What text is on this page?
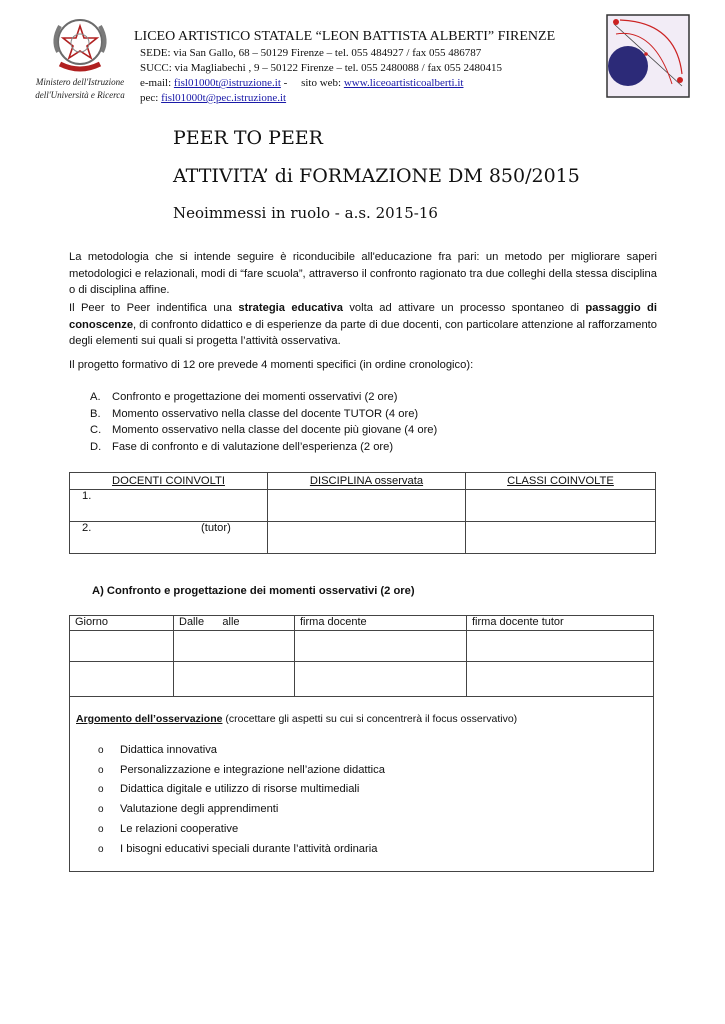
Ministero dell'Istruzione
dell'Università e Ricerca
LICEO ARTISTICO STATALE “LEON BATTISTA ALBERTI” FIRENZE
SEDE: via San Gallo, 68 – 50129 Firenze – tel. 055 484927 / fax 055 486787
SUCC: via Magliabechi , 9 – 50122 Firenze – tel. 055 2480088 / fax 055 2480415
e-mail: fisl01000t@istruzione.it - sito web: www.liceoartisticoalberti.it
pec: fisl01000t@pec.istruzione.it
PEER TO PEER
ATTIVITA’ di FORMAZIONE DM 850/2015
Neoimmessi in ruolo - a.s. 2015-16
La metodologia che si intende seguire è riconducibile all'educazione fra pari: un metodo per migliorare saperi metodologici e relazionali, modi di “fare scuola”, attraverso il confronto ragionato tra due colleghi della stessa disciplina o di disciplina affine.
Il Peer to Peer indentifica una strategia educativa volta ad attivare un processo spontaneo di passaggio di conoscenze, di confronto didattico e di esperienze da parte di due docenti, con particolare attenzione al rafforzamento degli elementi sui quali si progetta l’attività osservativa.
Il progetto formativo di 12 ore prevede 4 momenti specifici (in ordine cronologico):
A. Confronto e progettazione dei momenti osservativi (2 ore)
B. Momento osservativo nella classe del docente TUTOR (4 ore)
C. Momento osservativo nella classe del docente più giovane (4 ore)
D. Fase di confronto e di valutazione dell’esperienza (2 ore)
DOCENTI COINVOLTI	DISCIPLINA osservata	CLASSI COINVOLTE
1.		
2. (tutor)		

A) Confronto e progettazione dei momenti osservativi (2 ore)
Giorno	Dalle alle	firma docente	firma docente tutor

Argomento dell’osservazione (crocettare gli aspetti su cui si concentrerà il focus osservativo)
o Didattica innovativa
o Personalizzazione e integrazione nell’azione didattica
o Didattica digitale e utilizzo di risorse multimediali
o Valutazione degli apprendimenti
o Le relazioni cooperative
o I bisogni educativi speciali durante l’attività ordinaria
